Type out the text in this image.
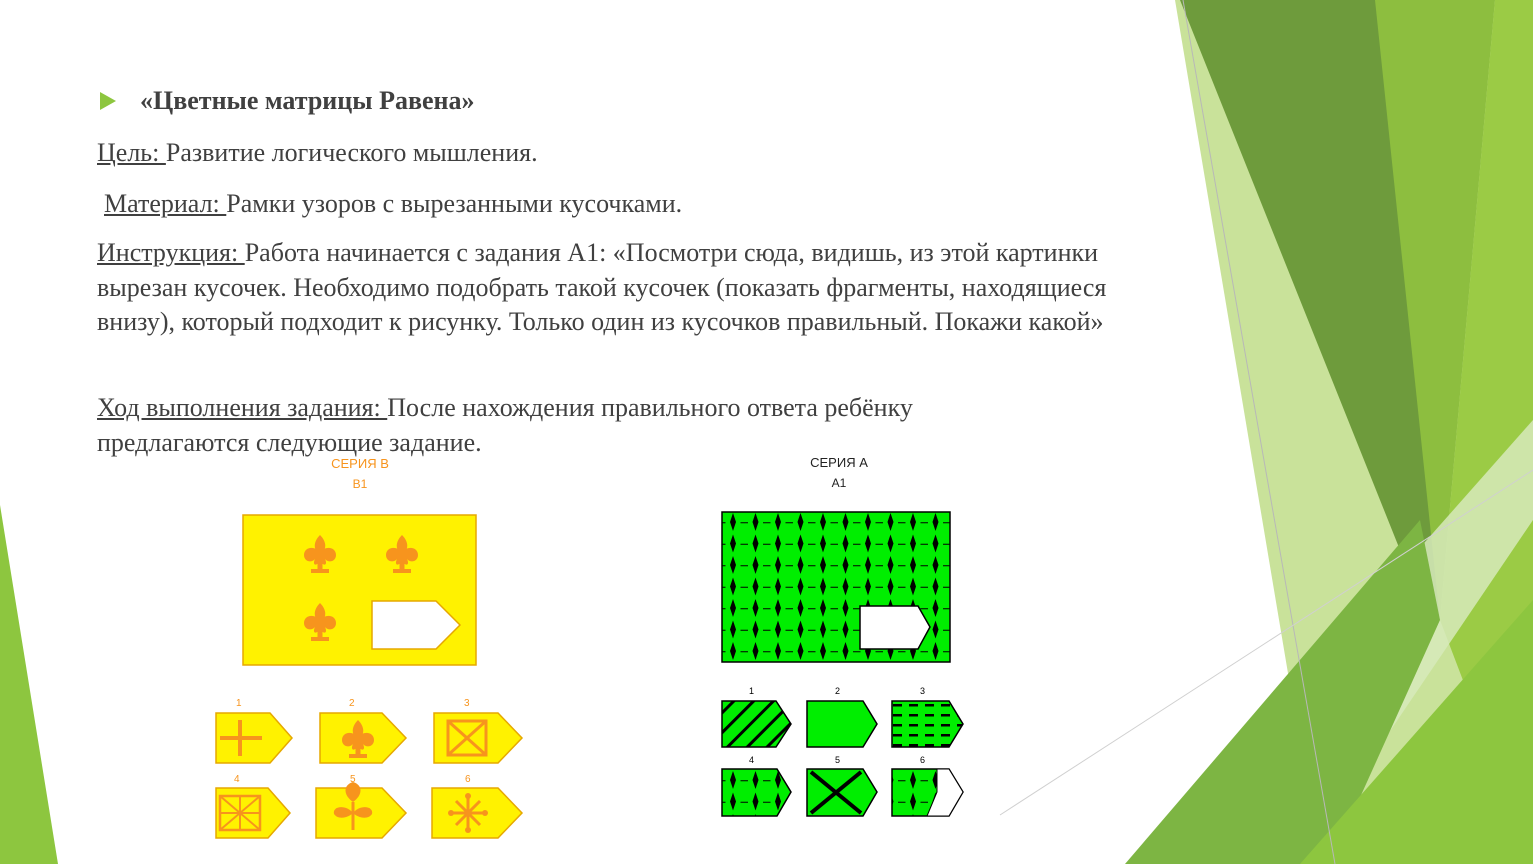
«Цветные матрицы Равена»
Цель: Развитие логического мышления.
Материал: Рамки узоров с вырезанными кусочками.
Инструкция: Работа начинается с задания А1: «Посмотри сюда, видишь, из этой картинки вырезан кусочек. Необходимо подобрать такой кусочек (показать фрагменты, находящиеся внизу), который подходит к рисунку. Только один из кусочков правильный. Покажи какой»
Ход выполнения задания: После нахождения правильного ответа ребёнку предлагаются следующие задание.
СЕРИЯ В
В1
1	2	3
4	5	6
СЕРИЯ А
А1
1	2	3
4	5	6
